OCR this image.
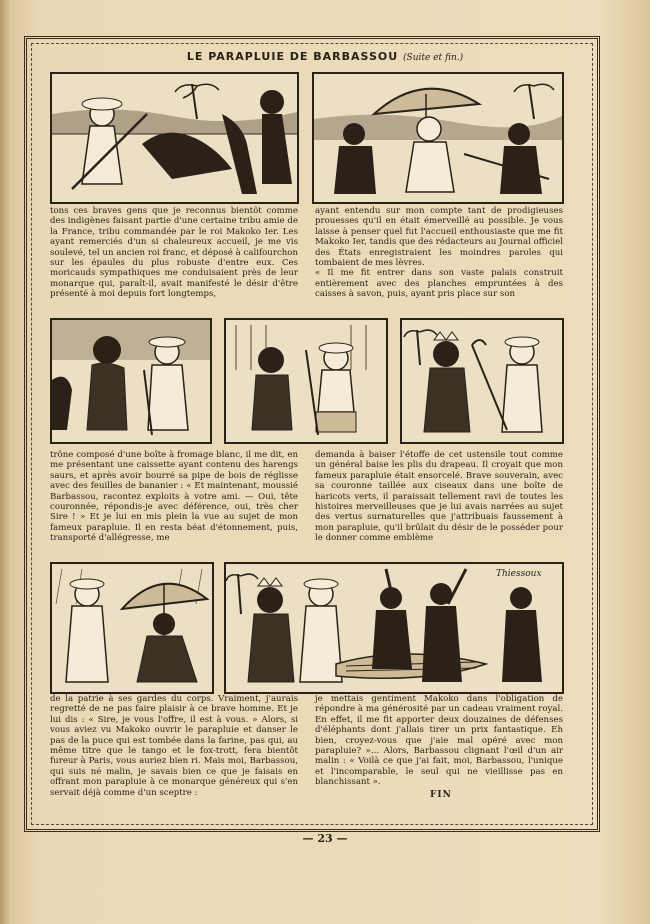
LE PARAPLUIE DE BARBASSOU (Suite et fin.)

tons ces braves gens que je reconnus bientôt comme des indigènes faisant partie d'une certaine tribu amie de la France, tribu commandée par le roi Makoko Ier. Les ayant remerciés d'un si chaleureux accueil, je me vis soulevé, tel un ancien roi franc, et déposé à califourchon sur les épaules du plus robuste d'entre eux. Ces moricauds sympathiques me conduisaient près de leur monarque qui, paraît-il, avait manifesté le désir d'être présenté à moi depuis fort longtemps,

ayant entendu sur mon compte tant de prodigieuses prouesses qu'il en était émerveillé au possible. Je vous laisse à penser quel fut l'accueil enthousiaste que me fit Makoko Ier, tandis que des rédacteurs au Journal officiel des États enregistraient les moindres paroles qui tombaient de mes lèvres.
« Il me fit entrer dans son vaste palais construit entièrement avec des planches empruntées à des caisses à savon, puis, ayant pris place sur son

trône composé d'une boîte à fromage blanc, il me dit, en me présentant une caissette ayant contenu des harengs saurs, et après avoir bourré sa pipe de bois de réglisse avec des feuilles de bananier : « Et maintenant, moussié Barbassou, racontez exploits à votre ami. — Oui, tête couronnée, répondis-je avec déférence, oui, très cher Sire ! » Et je lui en mis plein la vue au sujet de mon fameux parapluie. Il en resta béat d'étonnement, puis, transporté d'allégresse, me

demanda à baiser l'étoffe de cet ustensile tout comme un général baise les plis du drapeau. Il croyait que mon fameux parapluie était ensorcelé. Brave souverain, avec sa couronne taillée aux ciseaux dans une boîte de haricots verts, il paraissait tellement ravi de toutes les histoires merveilleuses que je lui avais narrées au sujet des vertus surnaturelles que j'attribuais faussement à mon parapluie, qu'il brûlait du désir de le posséder pour le donner comme emblème

Thiessoux

de la patrie à ses gardes du corps. Vraiment, j'aurais regretté de ne pas faire plaisir à ce brave homme. Et je lui dis : « Sire, je vous l'offre, il est à vous. » Alors, si vous aviez vu Makoko ouvrir le parapluie et danser le pas de la puce qui est tombée dans la farine, pas qui, au même titre que le tango et le fox-trott, fera bientôt fureur à Paris, vous auriez bien ri. Mais moi, Barbassou, qui suis né malin, je savais bien ce que je faisais en offrant mon parapluie à ce monarque généreux qui s'en servait déjà comme d'un sceptre :

je mettais gentiment Makoko dans l'obligation de répondre à ma générosité par un cadeau vraiment royal. En effet, il me fit apporter deux douzaines de défenses d'éléphants dont j'allais tirer un prix fantastique. Eh bien, croyez-vous que j'aie mal opéré avec mon parapluie? »... Alors, Barbassou clignant l'œil d'un air malin : « Voilà ce que j'ai fait, moi, Barbassou, l'unique et l'incomparable, le seul qui ne vieillisse pas en blanchissant ».

FIN
— 23 —
